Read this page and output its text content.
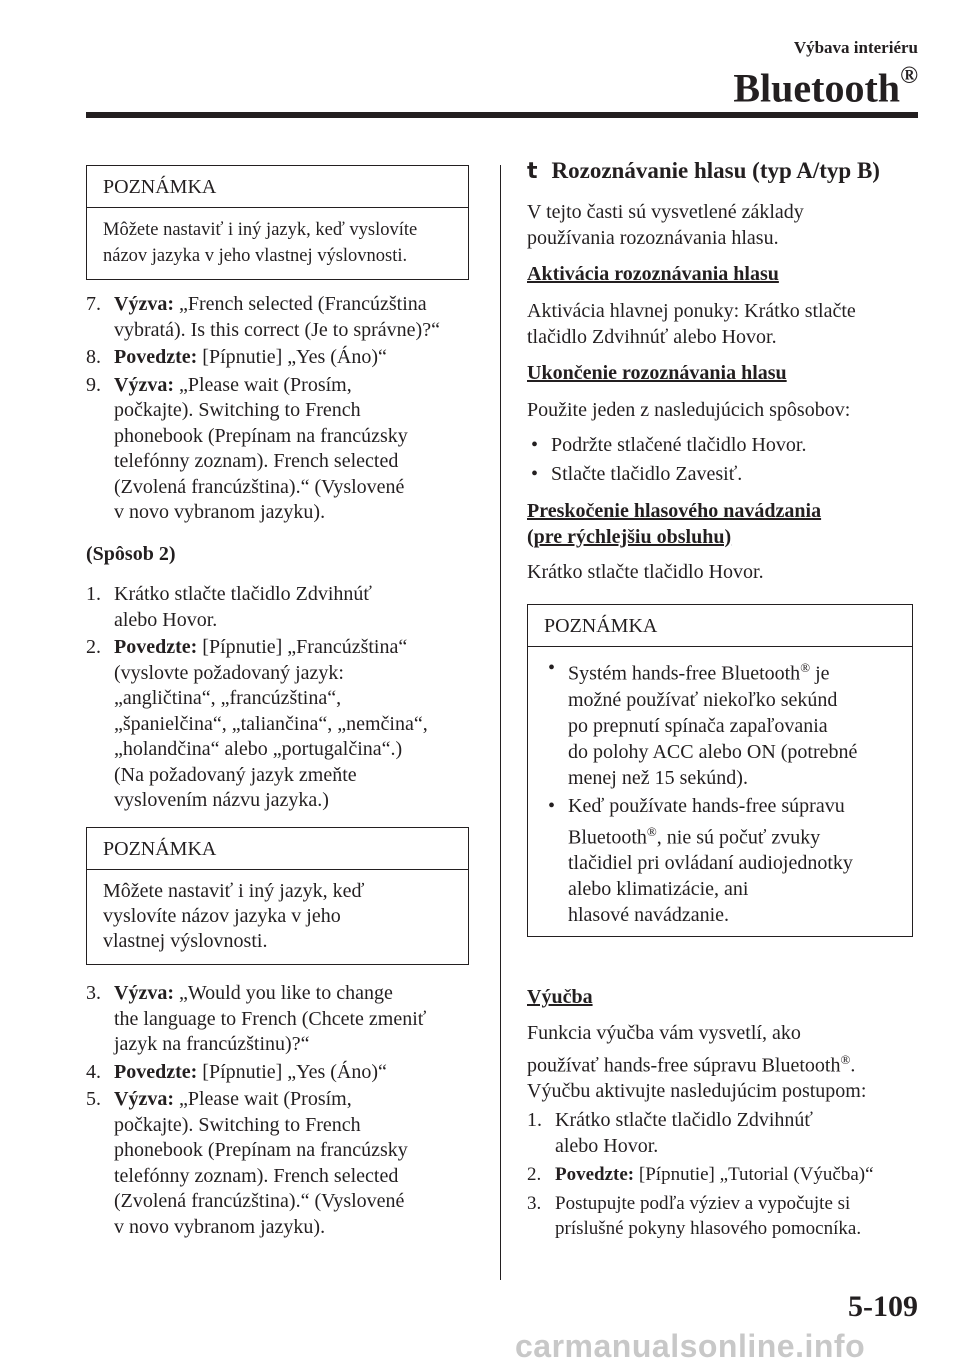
Výbava interiéru
Bluetooth®
POZNÁMKA
Môžete nastaviť i iný jazyk, keď vyslovíte
názov jazyka v jeho vlastnej výslovnosti.
7. Výzva: „French selected (Francúzština
vybratá). Is this correct (Je to správne)?“
8. Povedzte: [Pípnutie] „Yes (Áno)“
9. Výzva: „Please wait (Prosím,
počkajte). Switching to French
phonebook (Prepínam na francúzsky
telefónny zoznam). French selected
(Zvolená francúzština).“ (Vyslovené
v novo vybranom jazyku).
(Spôsob 2)
1. Krátko stlačte tlačidlo Zdvihnúť
alebo Hovor.
2. Povedzte: [Pípnutie] „Francúzština“
(vyslovte požadovaný jazyk:
„angličtina“, „francúzština“,
„španielčina“, „taliančina“, „nemčina“,
„holandčina“ alebo „portugalčina“.)
(Na požadovaný jazyk zmeňte
vyslovením názvu jazyka.)
POZNÁMKA
Môžete nastaviť i iný jazyk, keď
vyslovíte názov jazyka v jeho
vlastnej výslovnosti.
3. Výzva: „Would you like to change
the language to French (Chcete zmeniť
jazyk na francúzštinu)?“
4. Povedzte: [Pípnutie] „Yes (Áno)“
5. Výzva: „Please wait (Prosím,
počkajte). Switching to French
phonebook (Prepínam na francúzsky
telefónny zoznam). French selected
(Zvolená francúzština).“ (Vyslovené
v novo vybranom jazyku).
t Rozoznávanie hlasu (typ A/typ B)
V tejto časti sú vysvetlené základy
používania rozoznávania hlasu.
Aktivácia rozoznávania hlasu
Aktivácia hlavnej ponuky: Krátko stlačte
tlačidlo Zdvihnúť alebo Hovor.
Ukončenie rozoznávania hlasu
Použite jeden z nasledujúcich spôsobov:
• Podržte stlačené tlačidlo Hovor.
• Stlačte tlačidlo Zavesiť.
Preskočenie hlasového navádzania
(pre rýchlejšiu obsluhu)
Krátko stlačte tlačidlo Hovor.
POZNÁMKA
• Systém hands-free Bluetooth® je
možné používať niekoľko sekúnd
po prepnutí spínača zapaľovania
do polohy ACC alebo ON (potrebné
menej než 15 sekúnd).
• Keď používate hands-free súpravu
Bluetooth®, nie sú počuť zvuky
tlačidiel pri ovládaní audiojednotky
alebo klimatizácie, ani
hlasové navádzanie.
Výučba
Funkcia výučba vám vysvetlí, ako
používať hands-free súpravu Bluetooth®.
Výučbu aktivujte nasledujúcim postupom:
1. Krátko stlačte tlačidlo Zdvihnúť
alebo Hovor.
2. Povedzte: [Pípnutie] „Tutorial (Výučba)“
3. Postupujte podľa výziev a vypočujte si
príslušné pokyny hlasového pomocníka.
5-109
carmanualsonline.info
